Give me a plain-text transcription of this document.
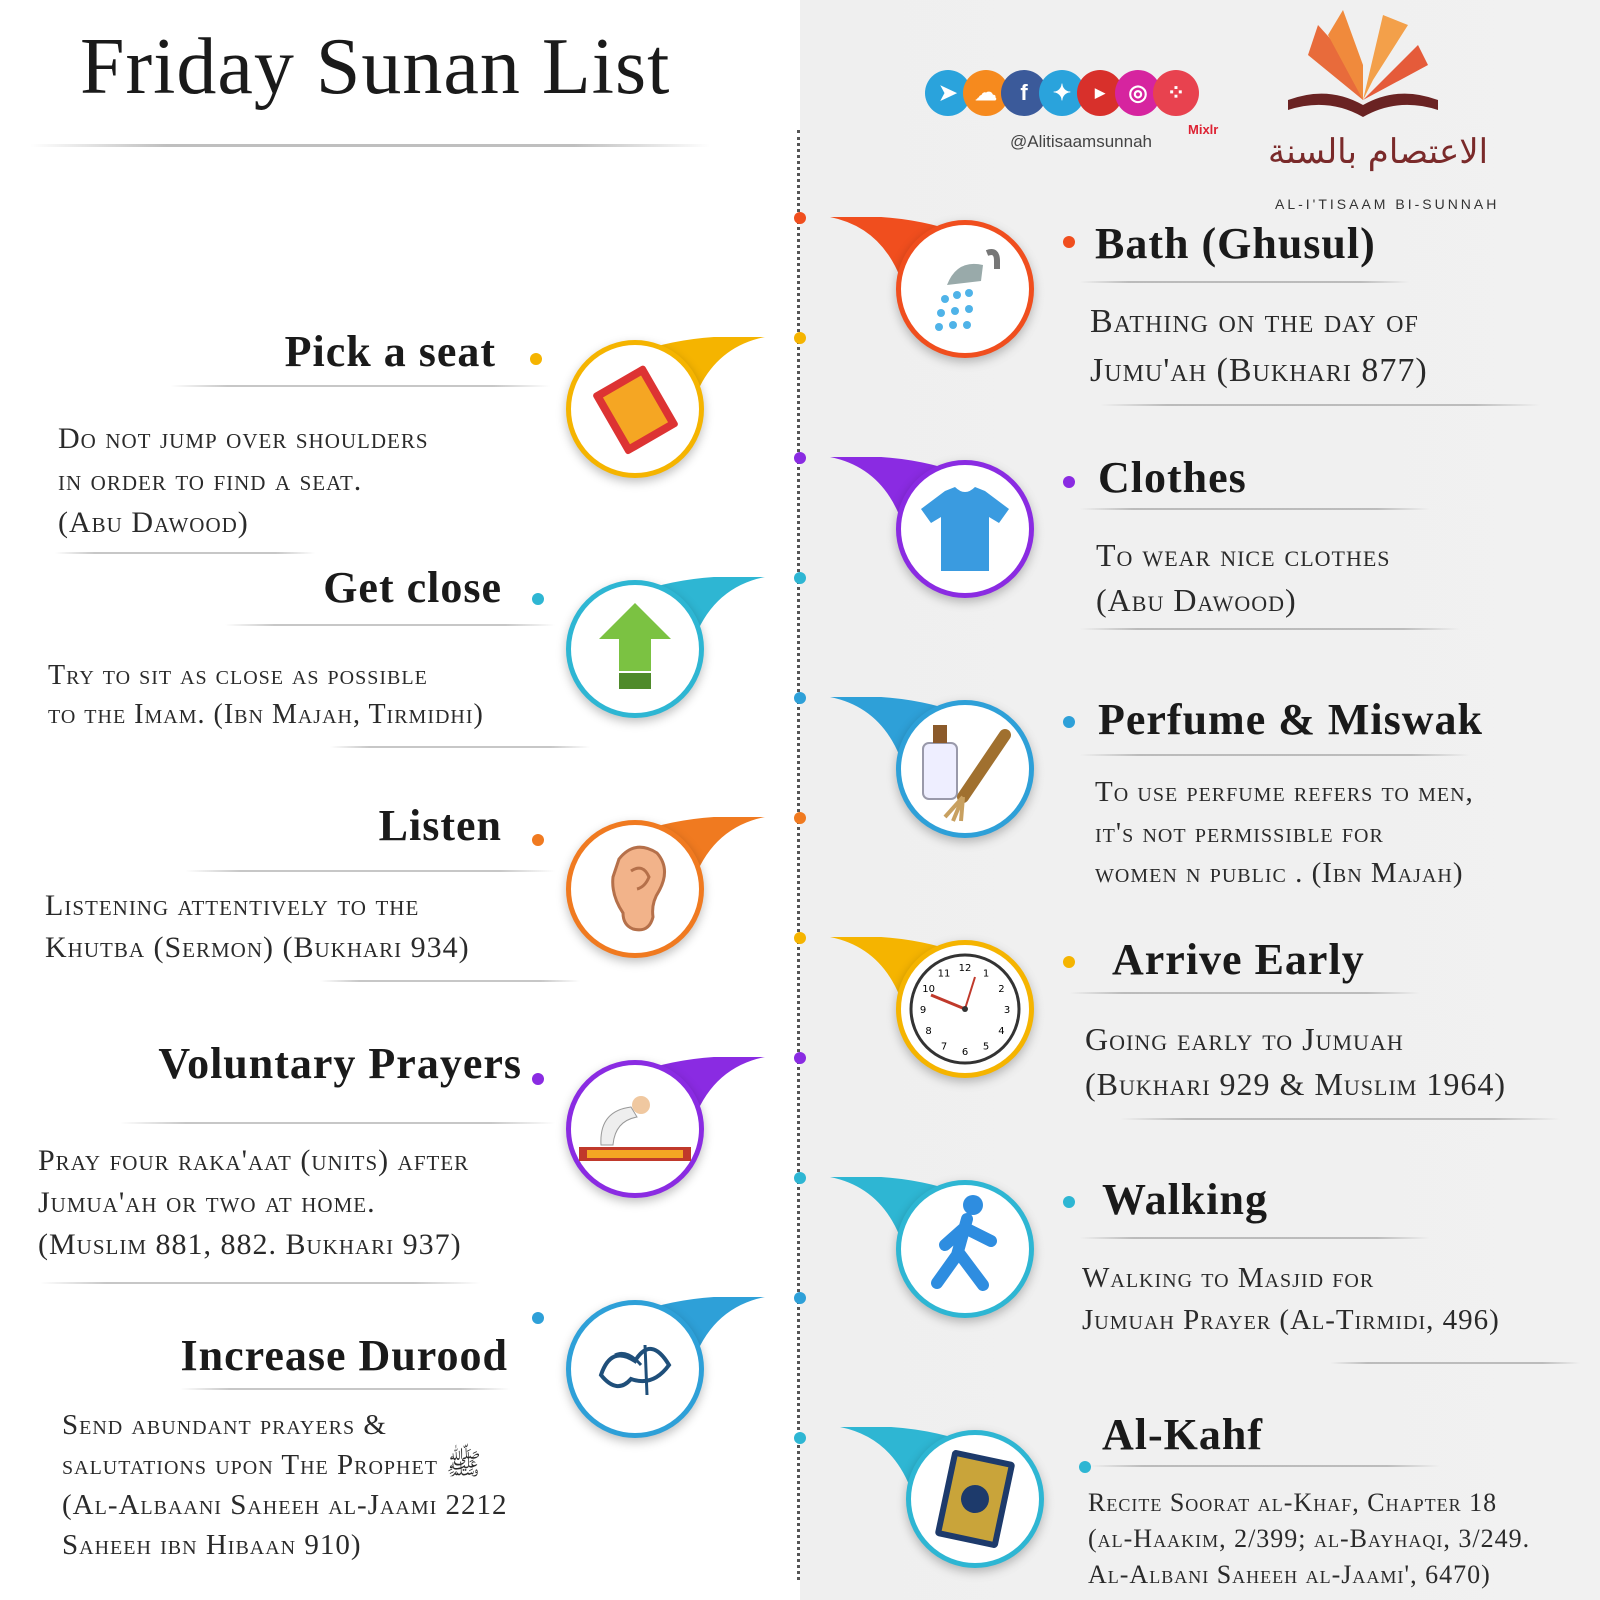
Friday Sunan List	➤ ☁	f	✦	▶	◎ ⁘
Mixlr
@Alitisaamsunnah	الاعتصام بالسنة
AL-I'TISAAM BI-SUNNAH
Pick a seat
Do not jump over shoulders
in order to find a seat.
(Abu Dawood)
Get close
Try to sit as close as possible
to the Imam. (Ibn Majah, Tirmidhi)
Listen
Listening attentively to the
Khutba (Sermon) (Bukhari 934)
Voluntary Prayers
Pray four raka'aat (units) after
Jumua'ah or two at home.
(Muslim 881, 882. Bukhari 937)
Increase Durood
Send abundant prayers &
salutations upon The Prophet ﷺ
(Al-Albaani Saheeh al-Jaami 2212
Saheeh ibn Hibaan 910)
Bath (Ghusul)
Bathing on the day of
Jumu'ah (Bukhari 877)
Clothes
To wear nice clothes
(Abu Dawood)
Perfume & Miswak
To use perfume refers to men,
it's not permissible for
women n public . (Ibn Majah)
12
1
2
3
4
5
6
7
8
9
10
11	Arrive Early
Going early to Jumuah
(Bukhari 929 & Muslim 1964)
Walking
Walking to Masjid for
Jumuah Prayer (Al-Tirmidi, 496)
Al-Kahf
Recite Soorat al-Khaf, Chapter 18
(al-Haakim, 2/399; al-Bayhaqi, 3/249.
Al-Albani Saheeh al-Jaami', 6470)
